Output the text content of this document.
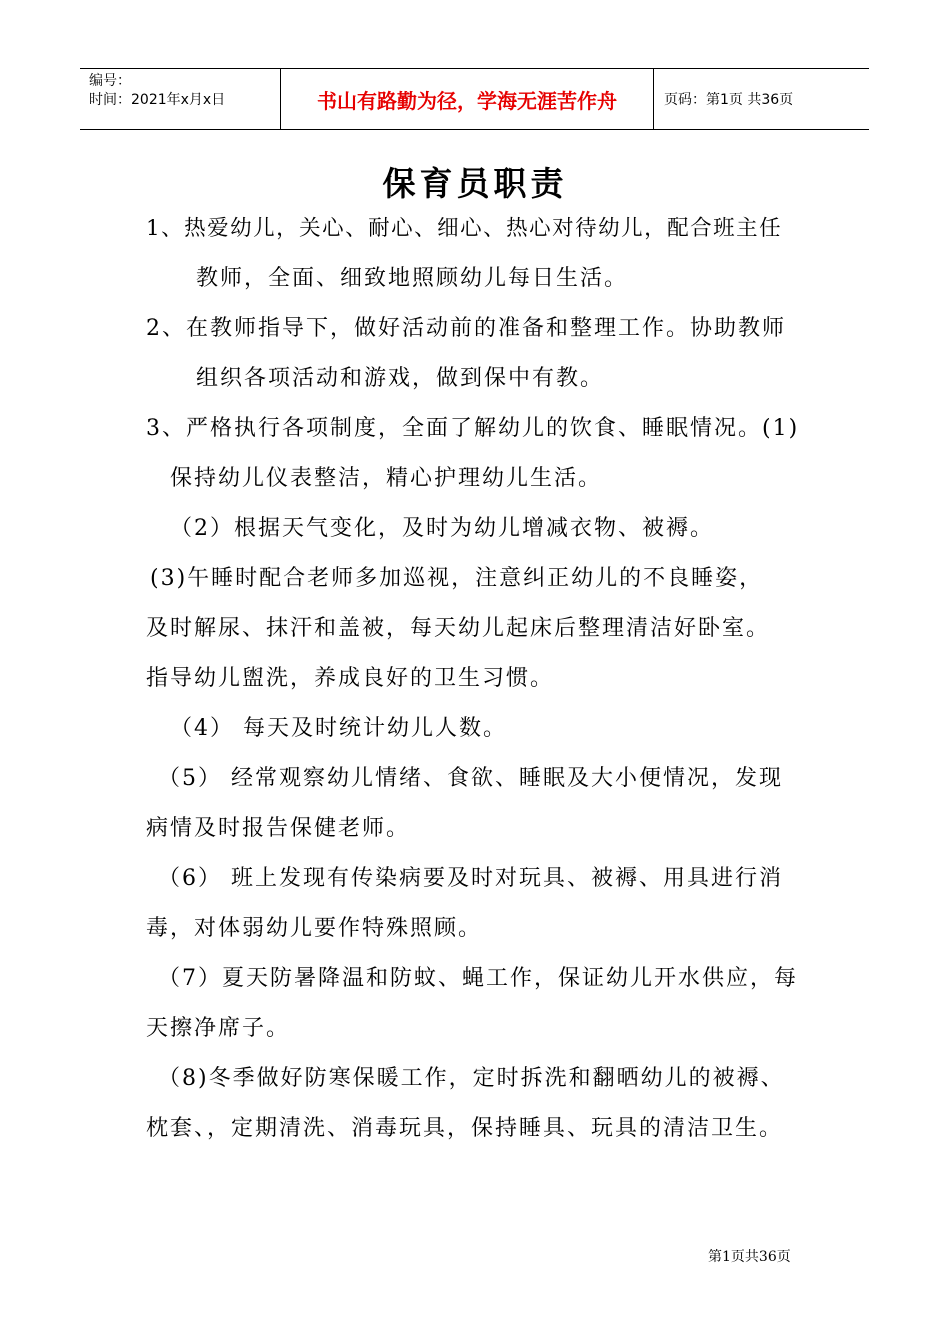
编号：
时间：2021年x月x日	书山有路勤为径，学海无涯苦作舟	页码：第1页 共36页
保育员职责
1、热爱幼儿，关心、耐心、细心、热心对待幼儿，配合班主任
教师，全面、细致地照顾幼儿每日生活。
2、在教师指导下，做好活动前的准备和整理工作。协助教师
组织各项活动和游戏，做到保中有教。
3、严格执行各项制度，全面了解幼儿的饮食、睡眠情况。(1)
保持幼儿仪表整洁，精心护理幼儿生活。
（2）根据天气变化，及时为幼儿增减衣物、被褥。
(3)午睡时配合老师多加巡视，注意纠正幼儿的不良睡姿，
及时解尿、抹汗和盖被，每天幼儿起床后整理清洁好卧室。
指导幼儿盥洗，养成良好的卫生习惯。
（4） 每天及时统计幼儿人数。
（5） 经常观察幼儿情绪、食欲、睡眠及大小便情况，发现
病情及时报告保健老师。
（6） 班上发现有传染病要及时对玩具、被褥、用具进行消
毒，对体弱幼儿要作特殊照顾。
（7）夏天防暑降温和防蚊、蝇工作，保证幼儿开水供应，每
天擦净席子。
（8)冬季做好防寒保暖工作，定时拆洗和翻晒幼儿的被褥、
枕套、，定期清洗、消毒玩具，保持睡具、玩具的清洁卫生。
第1页共36页
